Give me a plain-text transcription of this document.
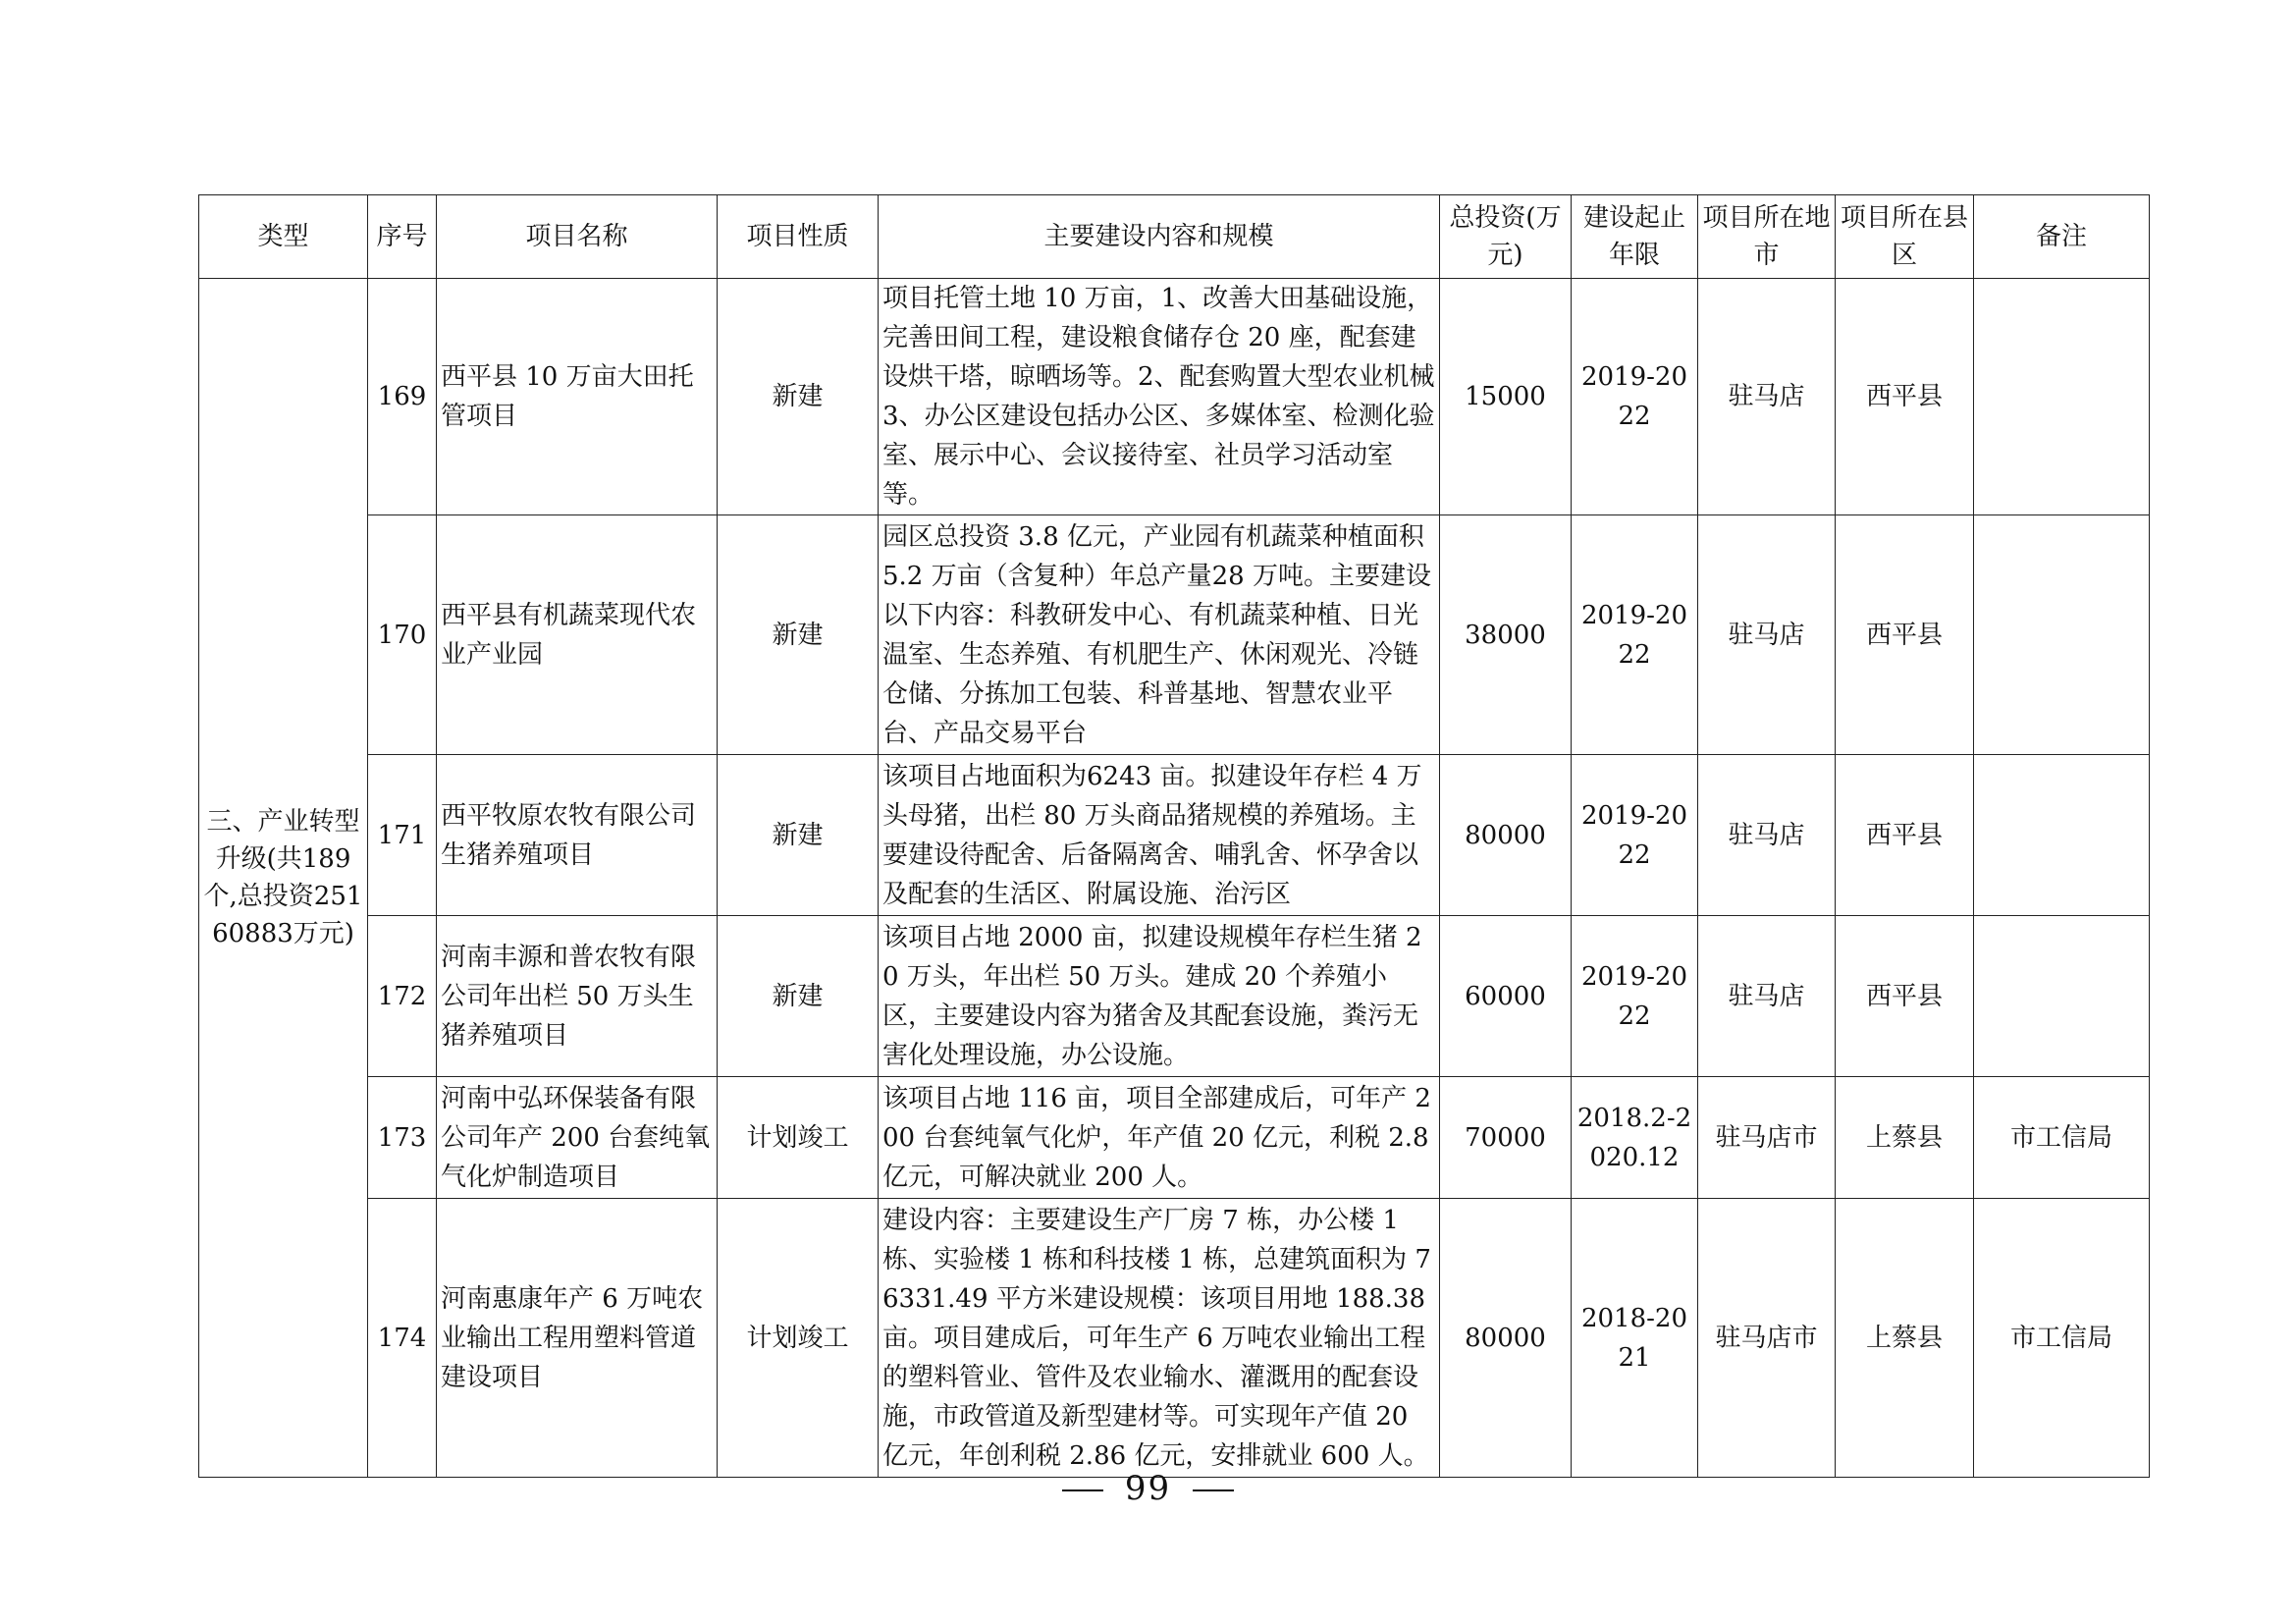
类型	序号	项目名称	项目性质	主要建设内容和规模	总投资(万元)	建设起止年限	项目所在地市	项目所在县区	备注
三、产业转型升级(共189个,总投资25160883万元)	169	西平县 10 万亩大田托管项目	新建	项目托管土地 10 万亩，1、改善大田基础设施，完善田间工程，建设粮食储存仓 20 座，配套建设烘干塔，晾晒场等。2、配套购置大型农业机械 3、办公区建设包括办公区、多媒体室、检测化验室、展示中心、会议接待室、社员学习活动室等。	15000	2019-2022	驻马店	西平县	
	170	西平县有机蔬菜现代农业产业园	新建	园区总投资 3.8 亿元，产业园有机蔬菜种植面积 5.2 万亩（含复种）年总产量28 万吨。主要建设以下内容：科教研发中心、有机蔬菜种植、日光温室、生态养殖、有机肥生产、休闲观光、冷链仓储、分拣加工包装、科普基地、智慧农业平台、产品交易平台	38000	2019-2022	驻马店	西平县	
	171	西平牧原农牧有限公司生猪养殖项目	新建	该项目占地面积为6243 亩。拟建设年存栏 4 万头母猪，出栏 80 万头商品猪规模的养殖场。主要建设待配舍、后备隔离舍、哺乳舍、怀孕舍以及配套的生活区、附属设施、治污区	80000	2019-2022	驻马店	西平县	
	172	河南丰源和普农牧有限公司年出栏 50 万头生猪养殖项目	新建	该项目占地 2000 亩，拟建设规模年存栏生猪 20 万头，年出栏 50 万头。建成 20 个养殖小区，主要建设内容为猪舍及其配套设施，粪污无害化处理设施，办公设施。	60000	2019-2022	驻马店	西平县	
	173	河南中弘环保装备有限公司年产 200 台套纯氧气化炉制造项目	计划竣工	该项目占地 116 亩，项目全部建成后，可年产 200 台套纯氧气化炉，年产值 20 亿元，利税 2.8 亿元，可解决就业 200 人。	70000	2018.2-2020.12	驻马店市	上蔡县	市工信局
	174	河南惠康年产 6 万吨农业输出工程用塑料管道建设项目	计划竣工	建设内容：主要建设生产厂房 7 栋，办公楼 1 栋、实验楼 1 栋和科技楼 1 栋，总建筑面积为 76331.49 平方米建设规模：该项目用地 188.38 亩。项目建成后，可年生产 6 万吨农业输出工程的塑料管业、管件及农业输水、灌溉用的配套设施，市政管道及新型建材等。可实现年产值 20 亿元，年创利税 2.86 亿元，安排就业 600 人。	80000	2018-2021	驻马店市	上蔡县	市工信局
99
